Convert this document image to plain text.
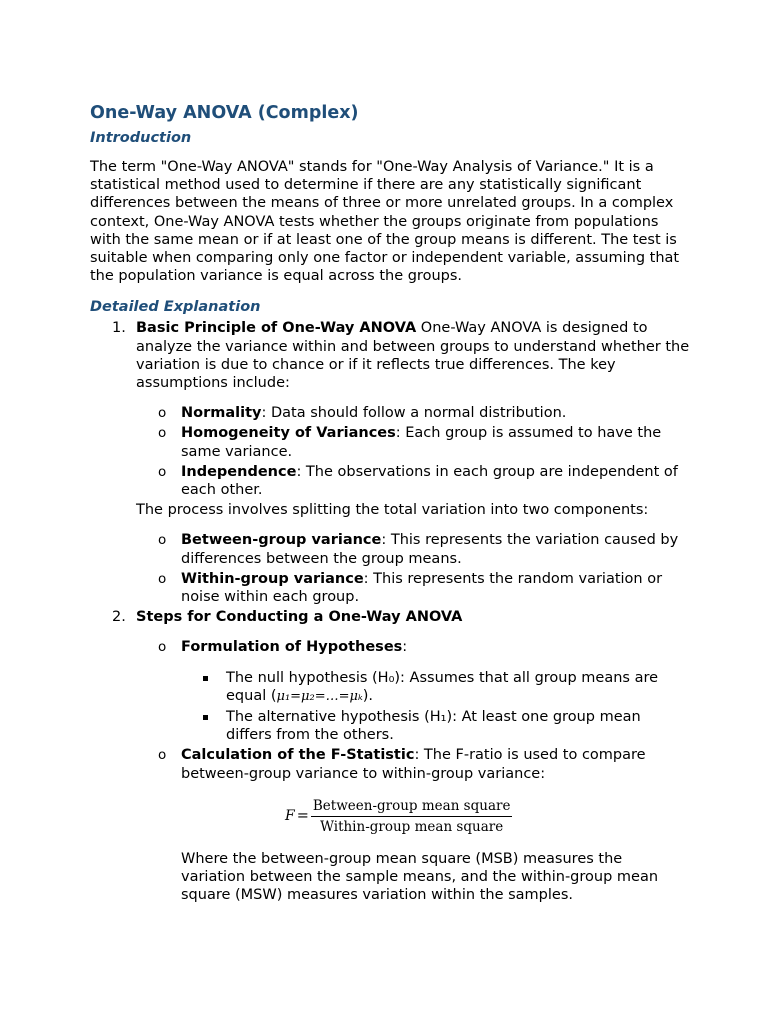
One-Way ANOVA (Complex)
Introduction

The term "One-Way ANOVA" stands for "One-Way Analysis of Variance." It is a statistical method used to determine if there are any statistically significant differences between the means of three or more unrelated groups. In a complex context, One-Way ANOVA tests whether the groups originate from populations with the same mean or if at least one of the group means is different. The test is suitable when comparing only one factor or independent variable, assuming that the population variance is equal across the groups.

Detailed Explanation
1. Basic Principle of One-Way ANOVA One-Way ANOVA is designed to analyze the variance within and between groups to understand whether the variation is due to chance or if it reflects true differences. The key assumptions include:
o Normality: Data should follow a normal distribution.
o Homogeneity of Variances: Each group is assumed to have the same variance.
o Independence: The observations in each group are independent of each other.
The process involves splitting the total variation into two components:
o Between-group variance: This represents the variation caused by differences between the group means.
o Within-group variance: This represents the random variation or noise within each group.
2. Steps for Conducting a One-Way ANOVA
o Formulation of Hypotheses:
The null hypothesis (H₀): Assumes that all group means are equal (μ₁=μ₂=…=μₖ).
The alternative hypothesis (H₁): At least one group mean differs from the others.
o Calculation of the F-Statistic: The F-ratio is used to compare between-group variance to within-group variance:
$F = \frac{\text{Between-group mean square}}{\text{Within-group mean square}}$
Where the between-group mean square (MSB) measures the variation between the sample means, and the within-group mean square (MSW) measures variation within the samples.
